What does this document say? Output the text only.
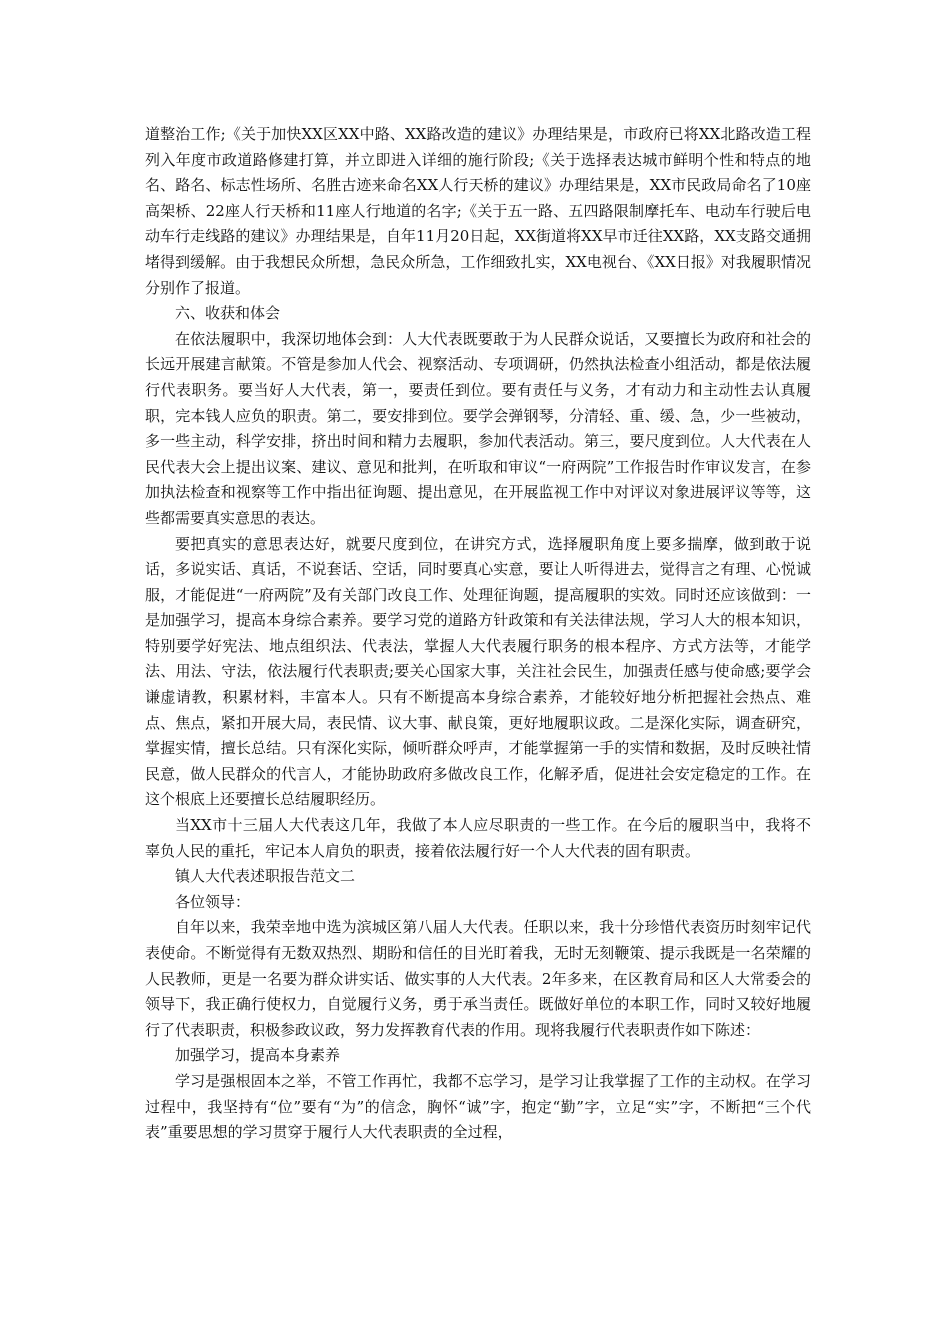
道整治工作;《关于加快XX区XX中路、XX路改造的建议》办理结果是，市政府已将XX北路改造工程列入年度市政道路修建打算，并立即进入详细的施行阶段;《关于选择表达城市鲜明个性和特点的地名、路名、标志性场所、名胜古迹来命名XX人行天桥的建议》办理结果是，XX市民政局命名了10座高架桥、22座人行天桥和11座人行地道的名字;《关于五一路、五四路限制摩托车、电动车行驶后电动车行走线路的建议》办理结果是，自年11月20日起，XX街道将XX早市迁往XX路，XX支路交通拥堵得到缓解。由于我想民众所想，急民众所急，工作细致扎实，XX电视台、《XX日报》对我履职情况分别作了报道。

六、收获和体会

在依法履职中，我深切地体会到：人大代表既要敢于为人民群众说话，又要擅长为政府和社会的长远开展建言献策。不管是参加人代会、视察活动、专项调研，仍然执法检查小组活动，都是依法履行代表职务。要当好人大代表，第一，要责任到位。要有责任与义务，才有动力和主动性去认真履职，完本钱人应负的职责。第二，要安排到位。要学会弹钢琴，分清轻、重、缓、急，少一些被动，多一些主动，科学安排，挤出时间和精力去履职，参加代表活动。第三，要尺度到位。人大代表在人民代表大会上提出议案、建议、意见和批判，在听取和审议“一府两院”工作报告时作审议发言，在参加执法检查和视察等工作中指出征询题、提出意见，在开展监视工作中对评议对象进展评议等等，这些都需要真实意思的表达。

要把真实的意思表达好，就要尺度到位，在讲究方式，选择履职角度上要多揣摩，做到敢于说话，多说实话、真话，不说套话、空话，同时要真心实意，要让人听得进去，觉得言之有理、心悦诚服，才能促进“一府两院”及有关部门改良工作、处理征询题，提高履职的实效。同时还应该做到：一是加强学习，提高本身综合素养。要学习党的道路方针政策和有关法律法规，学习人大的根本知识，特别要学好宪法、地点组织法、代表法，掌握人大代表履行职务的根本程序、方式方法等，才能学法、用法、守法，依法履行代表职责;要关心国家大事，关注社会民生，加强责任感与使命感;要学会谦虚请教，积累材料，丰富本人。只有不断提高本身综合素养，才能较好地分析把握社会热点、难点、焦点，紧扣开展大局，表民情、议大事、献良策，更好地履职议政。二是深化实际，调查研究，掌握实情，擅长总结。只有深化实际，倾听群众呼声，才能掌握第一手的实情和数据，及时反映社情民意，做人民群众的代言人，才能协助政府多做改良工作，化解矛盾，促进社会安定稳定的工作。在这个根底上还要擅长总结履职经历。

当XX市十三届人大代表这几年，我做了本人应尽职责的一些工作。在今后的履职当中，我将不辜负人民的重托，牢记本人肩负的职责，接着依法履行好一个人大代表的固有职责。

镇人大代表述职报告范文二

各位领导：

自年以来，我荣幸地中选为滨城区第八届人大代表。任职以来，我十分珍惜代表资历时刻牢记代表使命。不断觉得有无数双热烈、期盼和信任的目光盯着我，无时无刻鞭策、提示我既是一名荣耀的人民教师，更是一名要为群众讲实话、做实事的人大代表。2年多来，在区教育局和区人大常委会的领导下，我正确行使权力，自觉履行义务，勇于承当责任。既做好单位的本职工作，同时又较好地履行了代表职责，积极参政议政，努力发挥教育代表的作用。现将我履行代表职责作如下陈述：

加强学习，提高本身素养

学习是强根固本之举，不管工作再忙，我都不忘学习，是学习让我掌握了工作的主动权。在学习过程中，我坚持有“位”要有“为”的信念，胸怀“诚”字，抱定“勤”字，立足“实”字，不断把“三个代表”重要思想的学习贯穿于履行人大代表职责的全过程，
